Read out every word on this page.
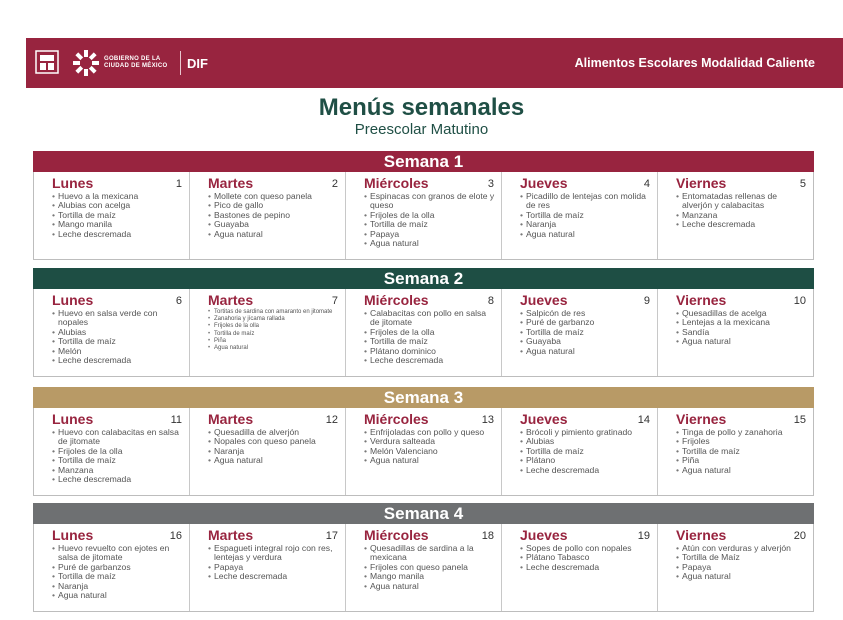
GOBIERNO DE LA
CIUDAD DE MÉXICO	DIF	Alimentos Escolares Modalidad Caliente
Menús semanales
Preescolar Matutino
Semana 1
Lunes	1
• Huevo a la mexicana
• Alubias con acelga
• Tortilla de maíz
• Mango manila
• Leche descremada
Martes	2
• Mollete con queso panela
• Pico de gallo
• Bastones de pepino
• Guayaba
• Agua natural
Miércoles	3
• Espinacas con granos de elote y queso
• Frijoles de la olla
• Tortilla de maíz
• Papaya
• Agua natural
Jueves	4
• Picadillo de lentejas con molida de res
• Tortilla de maíz
• Naranja
• Agua natural
Viernes	5
• Entomatadas rellenas de alverjón y calabacitas
• Manzana
• Leche descremada
Semana 2
Lunes	6
• Huevo en salsa verde con nopales
• Alubias
• Tortilla de maíz
• Melón
• Leche descremada
Martes	7
• Tortitas de sardina con amaranto en jitomate
• Zanahoria y jícama rallada
• Frijoles de la olla
• Tortilla de maíz
• Piña
• Agua natural
Miércoles	8
• Calabacitas con pollo en salsa de jitomate
• Frijoles de la olla
• Tortilla de maíz
• Plátano dominico
• Leche descremada
Jueves	9
• Salpicón de res
• Puré de garbanzo
• Tortilla de maíz
• Guayaba
• Agua natural
Viernes	10
• Quesadillas de acelga
• Lentejas a la mexicana
• Sandía
• Agua natural
Semana 3
Lunes	11
• Huevo con calabacitas en salsa de jitomate
• Frijoles de la olla
• Tortilla de maíz
• Manzana
• Leche descremada
Martes	12
• Quesadilla de alverjón
• Nopales con queso panela
• Naranja
• Agua natural
Miércoles	13
• Enfrijoladas con pollo y queso
• Verdura salteada
• Melón Valenciano
• Agua natural
Jueves	14
• Brócoli y pimiento gratinado
• Alubias
• Tortilla de maíz
• Plátano
• Leche descremada
Viernes	15
• Tinga de pollo y zanahoria
• Frijoles
• Tortilla de maíz
• Piña
• Agua natural
Semana 4
Lunes	16
• Huevo revuelto con ejotes en salsa de jitomate
• Puré de garbanzos
• Tortilla de maíz
• Naranja
• Agua natural
Martes	17
• Espagueti integral rojo con res, lentejas y verdura
• Papaya
• Leche descremada
Miércoles	18
• Quesadillas de sardina a la mexicana
• Frijoles con queso panela
• Mango manila
• Agua natural
Jueves	19
• Sopes de pollo con nopales
• Plátano Tabasco
• Leche descremada
Viernes	20
• Atún con verduras y alverjón
• Tortilla de Maíz
• Papaya
• Agua natural
